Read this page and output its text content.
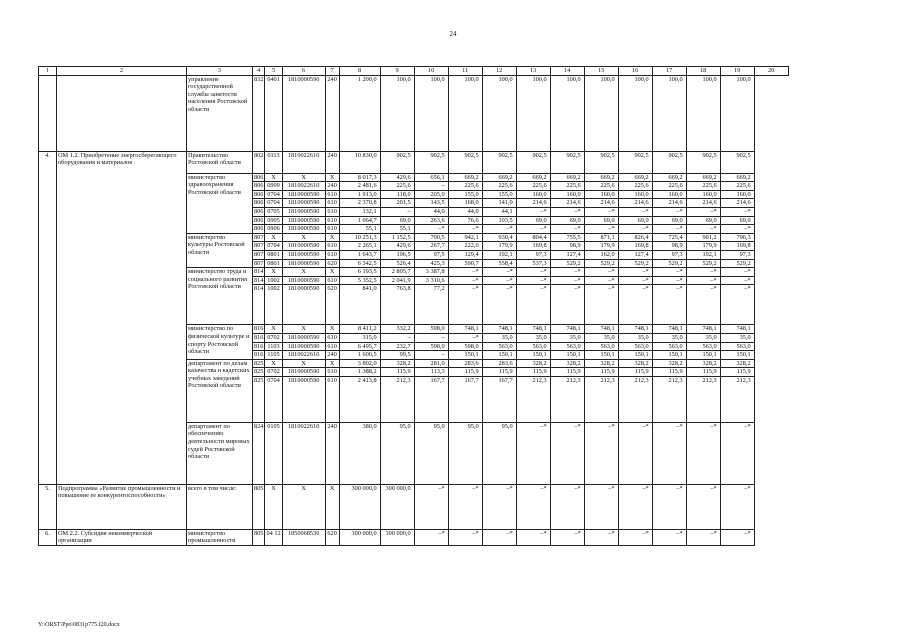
24
1	2	3	4	5	6	7	8	9	10	11	12	13	14	15	16	17	18	19	20
		управление государственной службы занятости населения Ростовской области	832	0401	1810000590	240	1 200,0	100,0	100,0	100,0	100,0	100,0	100,0	100,0	100,0	100,0	100,0	100,0	
4.	ОМ 1.2. Приобретение энергосберегающего оборудования и материалов	Правительство Ростовской области	802	0113	1810022610	240	10 830,0	902,5	902,5	902,5	902,5	902,5	902,5	902,5	902,5	902,5	902,5	902,5	
		министерство здравоохранения Ростовской области	806	X	X	X	8 017,3	429,6	656,1	669,2	669,2	669,2	669,2	669,2	669,2	669,2	669,2	669,2	
			806	0909	1810022610	240	2 481,6	225,6	–	225,6	225,6	225,6	225,6	225,6	225,6	225,6	225,6	225,6	
			806	0704	1810000590	610	1 913,0	118,0	205,0	155,0	155,0	160,0	160,0	160,0	160,0	160,0	160,0	160,0	
			806	0704	1810000590	610	2 370,8	201,5	143,5	168,0	141,0	214,6	214,6	214,6	214,6	214,6	214,6	214,6	
			806	0705	1810000590	610	132,1	–	44,0	44,0	44,1	–*	–*	–*	–*	–*	–*	–*	
			806	0905	1810000590	610	1 064,7	69,0	263,6	76,6	103,5	69,0	69,0	69,0	69,0	69,0	69,0	69,0	
			806	0906	1810000590	610	55,1	55,1	–*	–*	–*	–*	–*	–*	–*	–*	–*	–*	
		министерство культуры Ростовской области	807	X	X	X	10 251,3	1 152,5	790,5	942,1	930,4	804,4	755,5	871,1	826,4	725,4	901,2	796,3	
			807	0704	1810000590	610	2 265,1	429,6	267,7	222,0	179,9	169,8	98,9	179,9	169,8	98,9	179,9	169,8	
			807	0801	1810000590	610	1 643,7	196,5	97,5	129,4	192,1	97,3	127,4	162,0	127,4	97,3	192,1	97,3	
			807	0801	1810000590	620	6 342,5	526,4	425,3	590,7	558,4	537,3	529,2	529,2	529,2	529,2	529,2	529,2	
		министерство труда и социального развития Ростовской области	814	X	X	X	6 193,5	2 805,7	3 387,8	–*	–*	–*	–*	–*	–*	–*	–*	–*	
			814	1002	1810000590	610	5 352,5	2 041,9	3 310,6	–*	–*	–*	–*	–*	–*	–*	–*	–*	
			814	1002	1810000590	620	841,0	763,8	77,2	–*	–*	–*	–*	–*	–*	–*	–*	–*	
		министерство по физической культуре и спорту Ростовской области	816	X	X	X	8 411,2	332,2	598,0	748,1	748,1	748,1	748,1	748,1	748,1	748,1	748,1	748,1	
			816	0702	1810000590	610	315,0	–	–	–*	35,0	35,0	35,0	35,0	35,0	35,0	35,0	35,0	
			816	1103	1810000590	610	6 495,7	232,7	598,0	598,0	563,0	563,0	563,0	563,0	563,0	563,0	563,0	563,0	
			816	1105	1810022610	240	1 600,5	99,5	–	150,1	150,1	150,1	150,1	150,1	150,1	150,1	150,1	150,1	
		департамент по делам казачества и кадетских учебных заведений Ростовской области	825	X	X	X	3 802,0	328,2	281,0	283,6	283,6	328,2	328,2	328,2	328,2	328,2	328,2	328,2	
			825	0702	1810000590	610	1 388,2	115,9	113,3	115,9	115,9	115,9	115,9	115,9	115,9	115,9	115,9	115,9	
			825	0704	1810000590	610	2 413,8	212,3	167,7	167,7	167,7	212,3	212,3	212,3	212,3	212,3	212,3	212,3	
		департамент по обеспечению деятельности мировых судей Ростовской области	824	0105	1810022610	240	380,0	95,0	95,0	95,0	95,0	–*	–*	–*	–*	–*	–*	–*	
5.	Подпрограмма «Развитие промышленности и повышение ее конкурентоспособности»	всего в том числе:	805	X	X	X	300 000,0	300 000,0	–*	–*	–*	–*	–*	–*	–*	–*	–*	–*	
6.	ОМ 2.2. Субсидия некоммерческой организации	министерство промышленности	805	04 12	1850068530	620	300 000,0	300 000,0	–*	–*	–*	–*	–*	–*	–*	–*	–*	–*	
Y:\ORST\Ppo\0831p775.f20.docx
